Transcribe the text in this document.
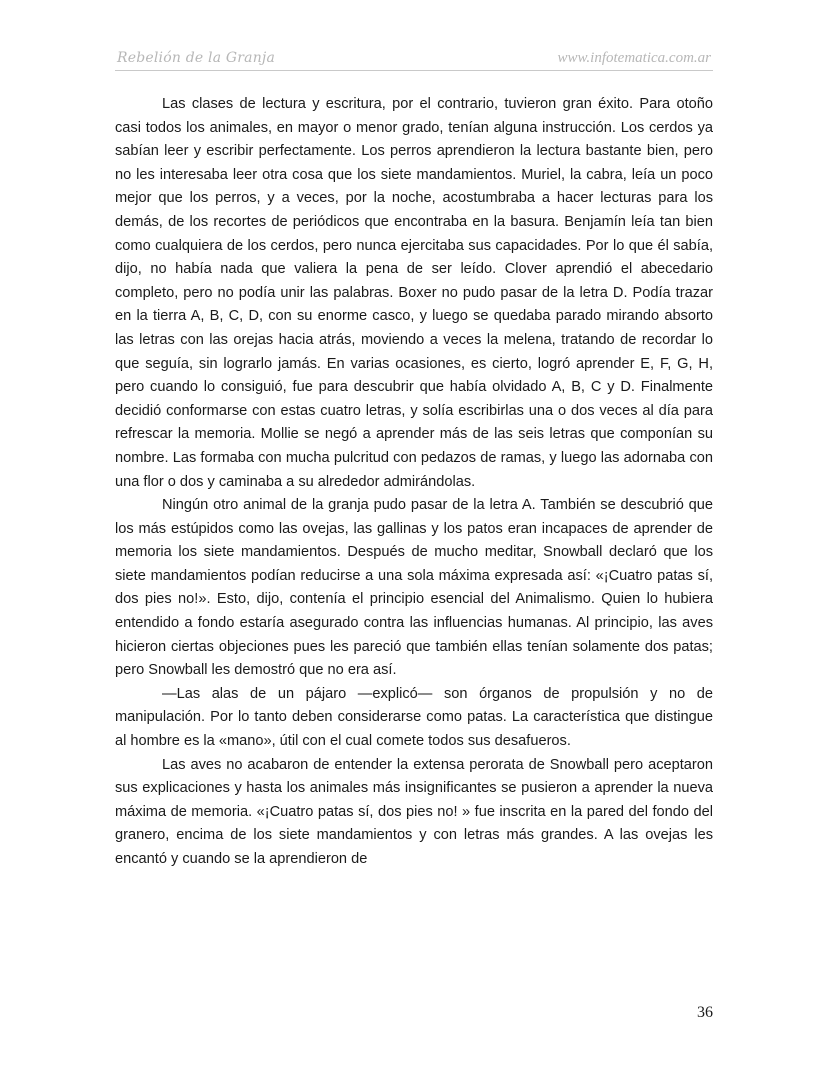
Rebelión de la Granja	www.infotematica.com.ar

Las clases de lectura y escritura, por el contrario, tuvieron gran éxito. Para otoño casi todos los animales, en mayor o menor grado, tenían alguna instrucción. Los cerdos ya sabían leer y escribir perfectamente. Los perros aprendieron la lectura bastante bien, pero no les interesaba leer otra cosa que los siete mandamientos. Muriel, la cabra, leía un poco mejor que los perros, y a veces, por la noche, acostumbraba a hacer lecturas para los demás, de los recortes de periódicos que encontraba en la basura. Benjamín leía tan bien como cualquiera de los cerdos, pero nunca ejercitaba sus capacidades. Por lo que él sabía, dijo, no había nada que valiera la pena de ser leído. Clover aprendió el abecedario completo, pero no podía unir las palabras. Boxer no pudo pasar de la letra D. Podía trazar en la tierra A, B, C, D, con su enorme casco, y luego se quedaba parado mirando absorto las letras con las orejas hacia atrás, moviendo a veces la melena, tratando de recordar lo que seguía, sin lograrlo jamás. En varias ocasiones, es cierto, logró aprender E, F, G, H, pero cuando lo consiguió, fue para descubrir que había olvidado A, B, C y D. Finalmente decidió conformarse con estas cuatro letras, y solía escribirlas una o dos veces al día para refrescar la memoria. Mollie se negó a aprender más de las seis letras que componían su nombre. Las formaba con mucha pulcritud con pedazos de ramas, y luego las adornaba con una flor o dos y caminaba a su alrededor admirándolas.

Ningún otro animal de la granja pudo pasar de la letra A. También se descubrió que los más estúpidos como las ovejas, las gallinas y los patos eran incapaces de aprender de memoria los siete mandamientos. Después de mucho meditar, Snowball declaró que los siete mandamientos podían reducirse a una sola máxima expresada así: «¡Cuatro patas sí, dos pies no!». Esto, dijo, contenía el principio esencial del Animalismo. Quien lo hubiera entendido a fondo estaría asegurado contra las influencias humanas. Al principio, las aves hicieron ciertas objeciones pues les pareció que también ellas tenían solamente dos patas; pero Snowball les demostró que no era así.

—Las alas de un pájaro —explicó— son órganos de propulsión y no de manipulación. Por lo tanto deben considerarse como patas. La característica que distingue al hombre es la «mano», útil con el cual comete todos sus desafueros.

Las aves no acabaron de entender la extensa perorata de Snowball pero aceptaron sus explicaciones y hasta los animales más insignificantes se pusieron a aprender la nueva máxima de memoria. «¡Cuatro patas sí, dos pies no! » fue inscrita en la pared del fondo del granero, encima de los siete mandamientos y con letras más grandes. A las ovejas les encantó y cuando se la aprendieron de

36
